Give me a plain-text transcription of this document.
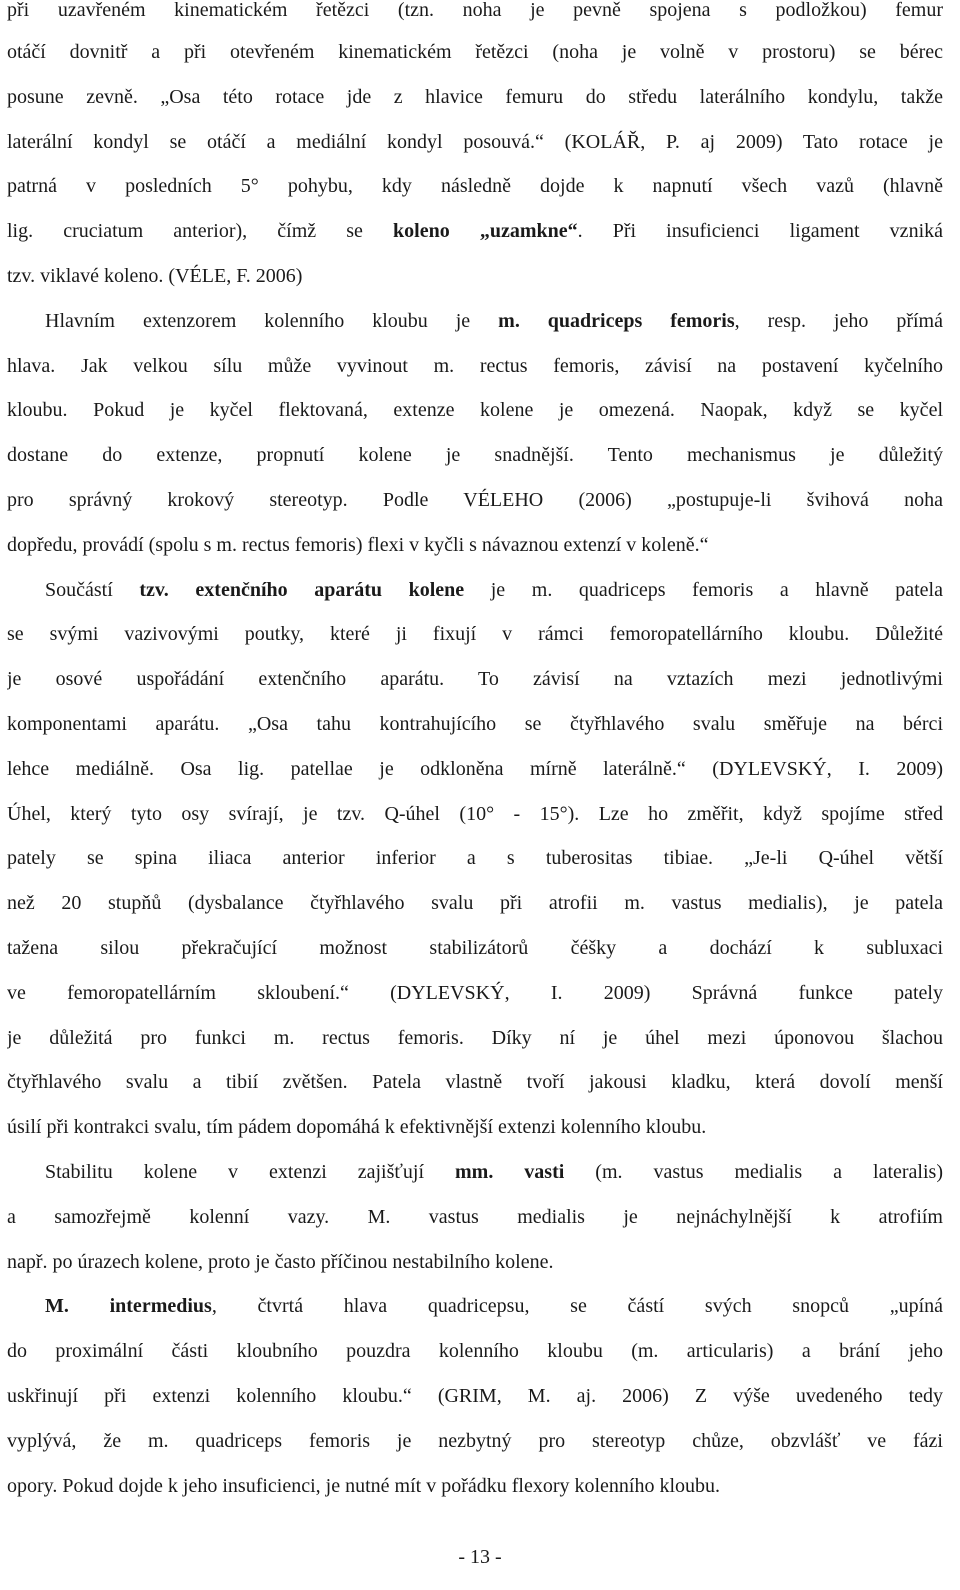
při uzavřeném kinematickém řetězci (tzn. noha je pevně spojena s podložkou) femur
otáčí dovnitř a při otevřeném kinematickém řetězci (noha je volně v prostoru) se bérec
posune zevně. „Osa této rotace jde z hlavice femuru do středu laterálního kondylu, takže
laterální kondyl se otáčí a mediální kondyl posouvá.“ (KOLÁŘ, P. aj 2009) Tato rotace je
patrná v posledních 5° pohybu, kdy následně dojde k napnutí všech vazů (hlavně
lig. cruciatum anterior), čímž se koleno „uzamkne“. Při insuficienci ligament vzniká
tzv. viklavé koleno. (VÉLE, F. 2006)
Hlavním extenzorem kolenního kloubu je m. quadriceps femoris, resp. jeho přímá
hlava. Jak velkou sílu může vyvinout m. rectus femoris, závisí na postavení kyčelního
kloubu. Pokud je kyčel flektovaná, extenze kolene je omezená. Naopak, když se kyčel
dostane do extenze, propnutí kolene je snadnější. Tento mechanismus je důležitý
pro správný krokový stereotyp. Podle VÉLEHO (2006) „postupuje-li švihová noha
dopředu, provádí (spolu s m. rectus femoris) flexi v kyčli s návaznou extenzí v koleně.“
Součástí tzv. extenčního aparátu kolene je m. quadriceps femoris a hlavně patela
se svými vazivovými poutky, které ji fixují v rámci femoropatellárního kloubu. Důležité
je osové uspořádání extenčního aparátu. To závisí na vztazích mezi jednotlivými
komponentami aparátu. „Osa tahu kontrahujícího se čtyřhlavého svalu směřuje na bérci
lehce mediálně. Osa lig. patellae je odkloněna mírně laterálně.“ (DYLEVSKÝ, I. 2009)
Úhel, který tyto osy svírají, je tzv. Q-úhel (10° - 15°). Lze ho změřit, když spojíme střed
pately se spina iliaca anterior inferior a s tuberositas tibiae. „Je-li Q-úhel větší
než 20 stupňů (dysbalance čtyřhlavého svalu při atrofii m. vastus medialis), je patela
tažena silou překračující možnost stabilizátorů čéšky a dochází k subluxaci
ve femoropatellárním skloubení.“ (DYLEVSKÝ, I. 2009) Správná funkce pately
je důležitá pro funkci m. rectus femoris. Díky ní je úhel mezi úponovou šlachou
čtyřhlavého svalu a tibií zvětšen. Patela vlastně tvoří jakousi kladku, která dovolí menší
úsilí při kontrakci svalu, tím pádem dopomáhá k efektivnější extenzi kolenního kloubu.
Stabilitu kolene v extenzi zajišťují mm. vasti (m. vastus medialis a lateralis)
a samozřejmě kolenní vazy. M. vastus medialis je nejnáchylnější k atrofiím
např. po úrazech kolene, proto je často příčinou nestabilního kolene.
M. intermedius, čtvrtá hlava quadricepsu, se částí svých snopců „upíná
do proximální části kloubního pouzdra kolenního kloubu (m. articularis) a brání jeho
uskřinují při extenzi kolenního kloubu.“ (GRIM, M. aj. 2006) Z výše uvedeného tedy
vyplývá, že m. quadriceps femoris je nezbytný pro stereotyp chůze, obzvlášť ve fázi
opory. Pokud dojde k jeho insuficienci, je nutné mít v pořádku flexory kolenního kloubu.
- 13 -
